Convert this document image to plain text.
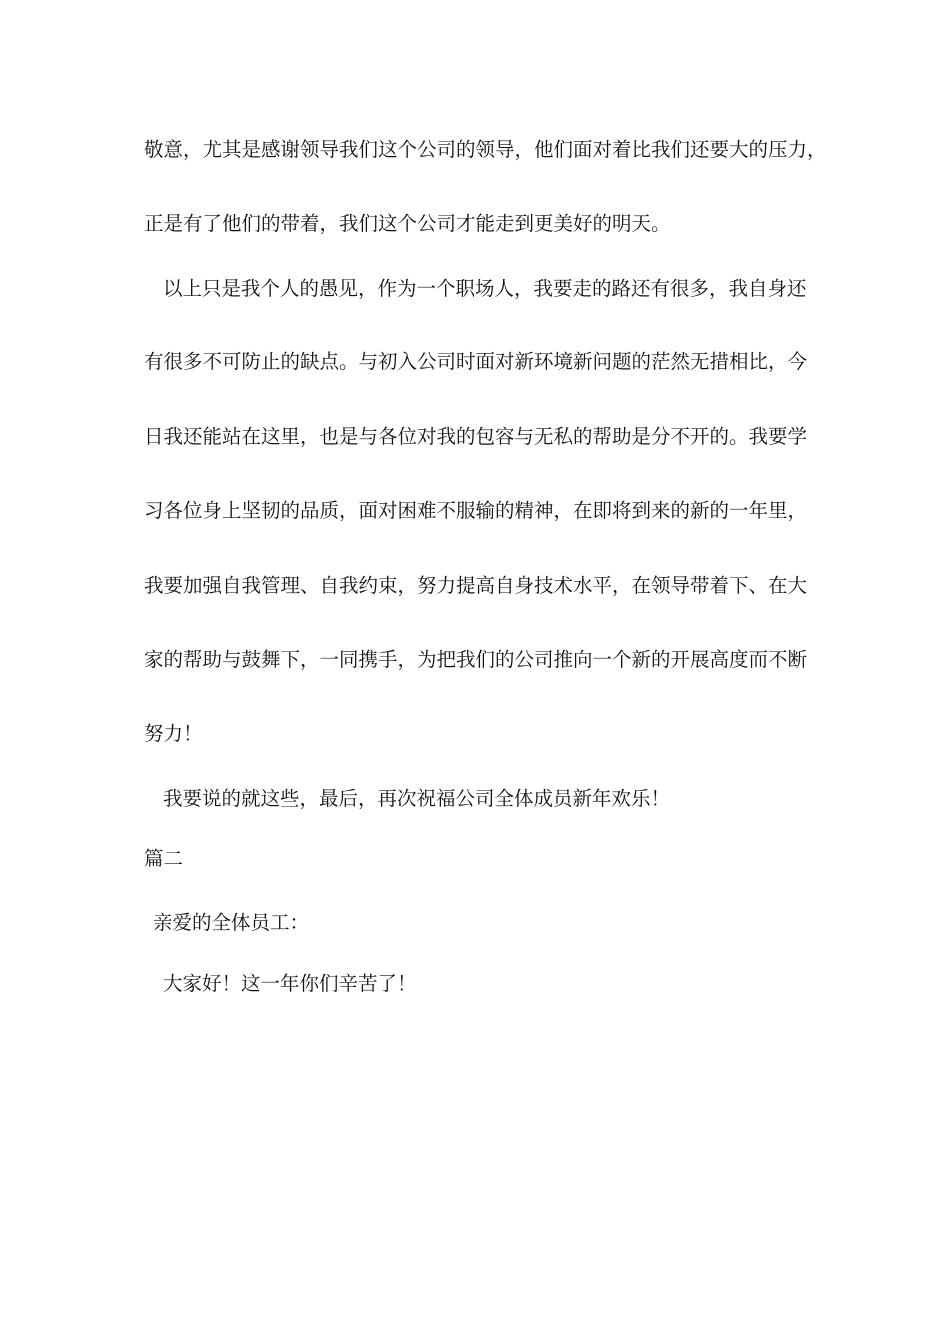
敬意，尤其是感谢领导我们这个公司的领导，他们面对着比我们还要大的压力，
正是有了他们的带着，我们这个公司才能走到更美好的明天。
以上只是我个人的愚见，作为一个职场人，我要走的路还有很多，我自身还
有很多不可防止的缺点。与初入公司时面对新环境新问题的茫然无措相比，今
日我还能站在这里，也是与各位对我的包容与无私的帮助是分不开的。我要学
习各位身上坚韧的品质，面对困难不服输的精神，在即将到来的新的一年里，
我要加强自我管理、自我约束，努力提高自身技术水平，在领导带着下、在大
家的帮助与鼓舞下，一同携手，为把我们的公司推向一个新的开展高度而不断
努力！
我要说的就这些，最后，再次祝福公司全体成员新年欢乐！
篇二
亲爱的全体员工：
大家好！这一年你们辛苦了！
